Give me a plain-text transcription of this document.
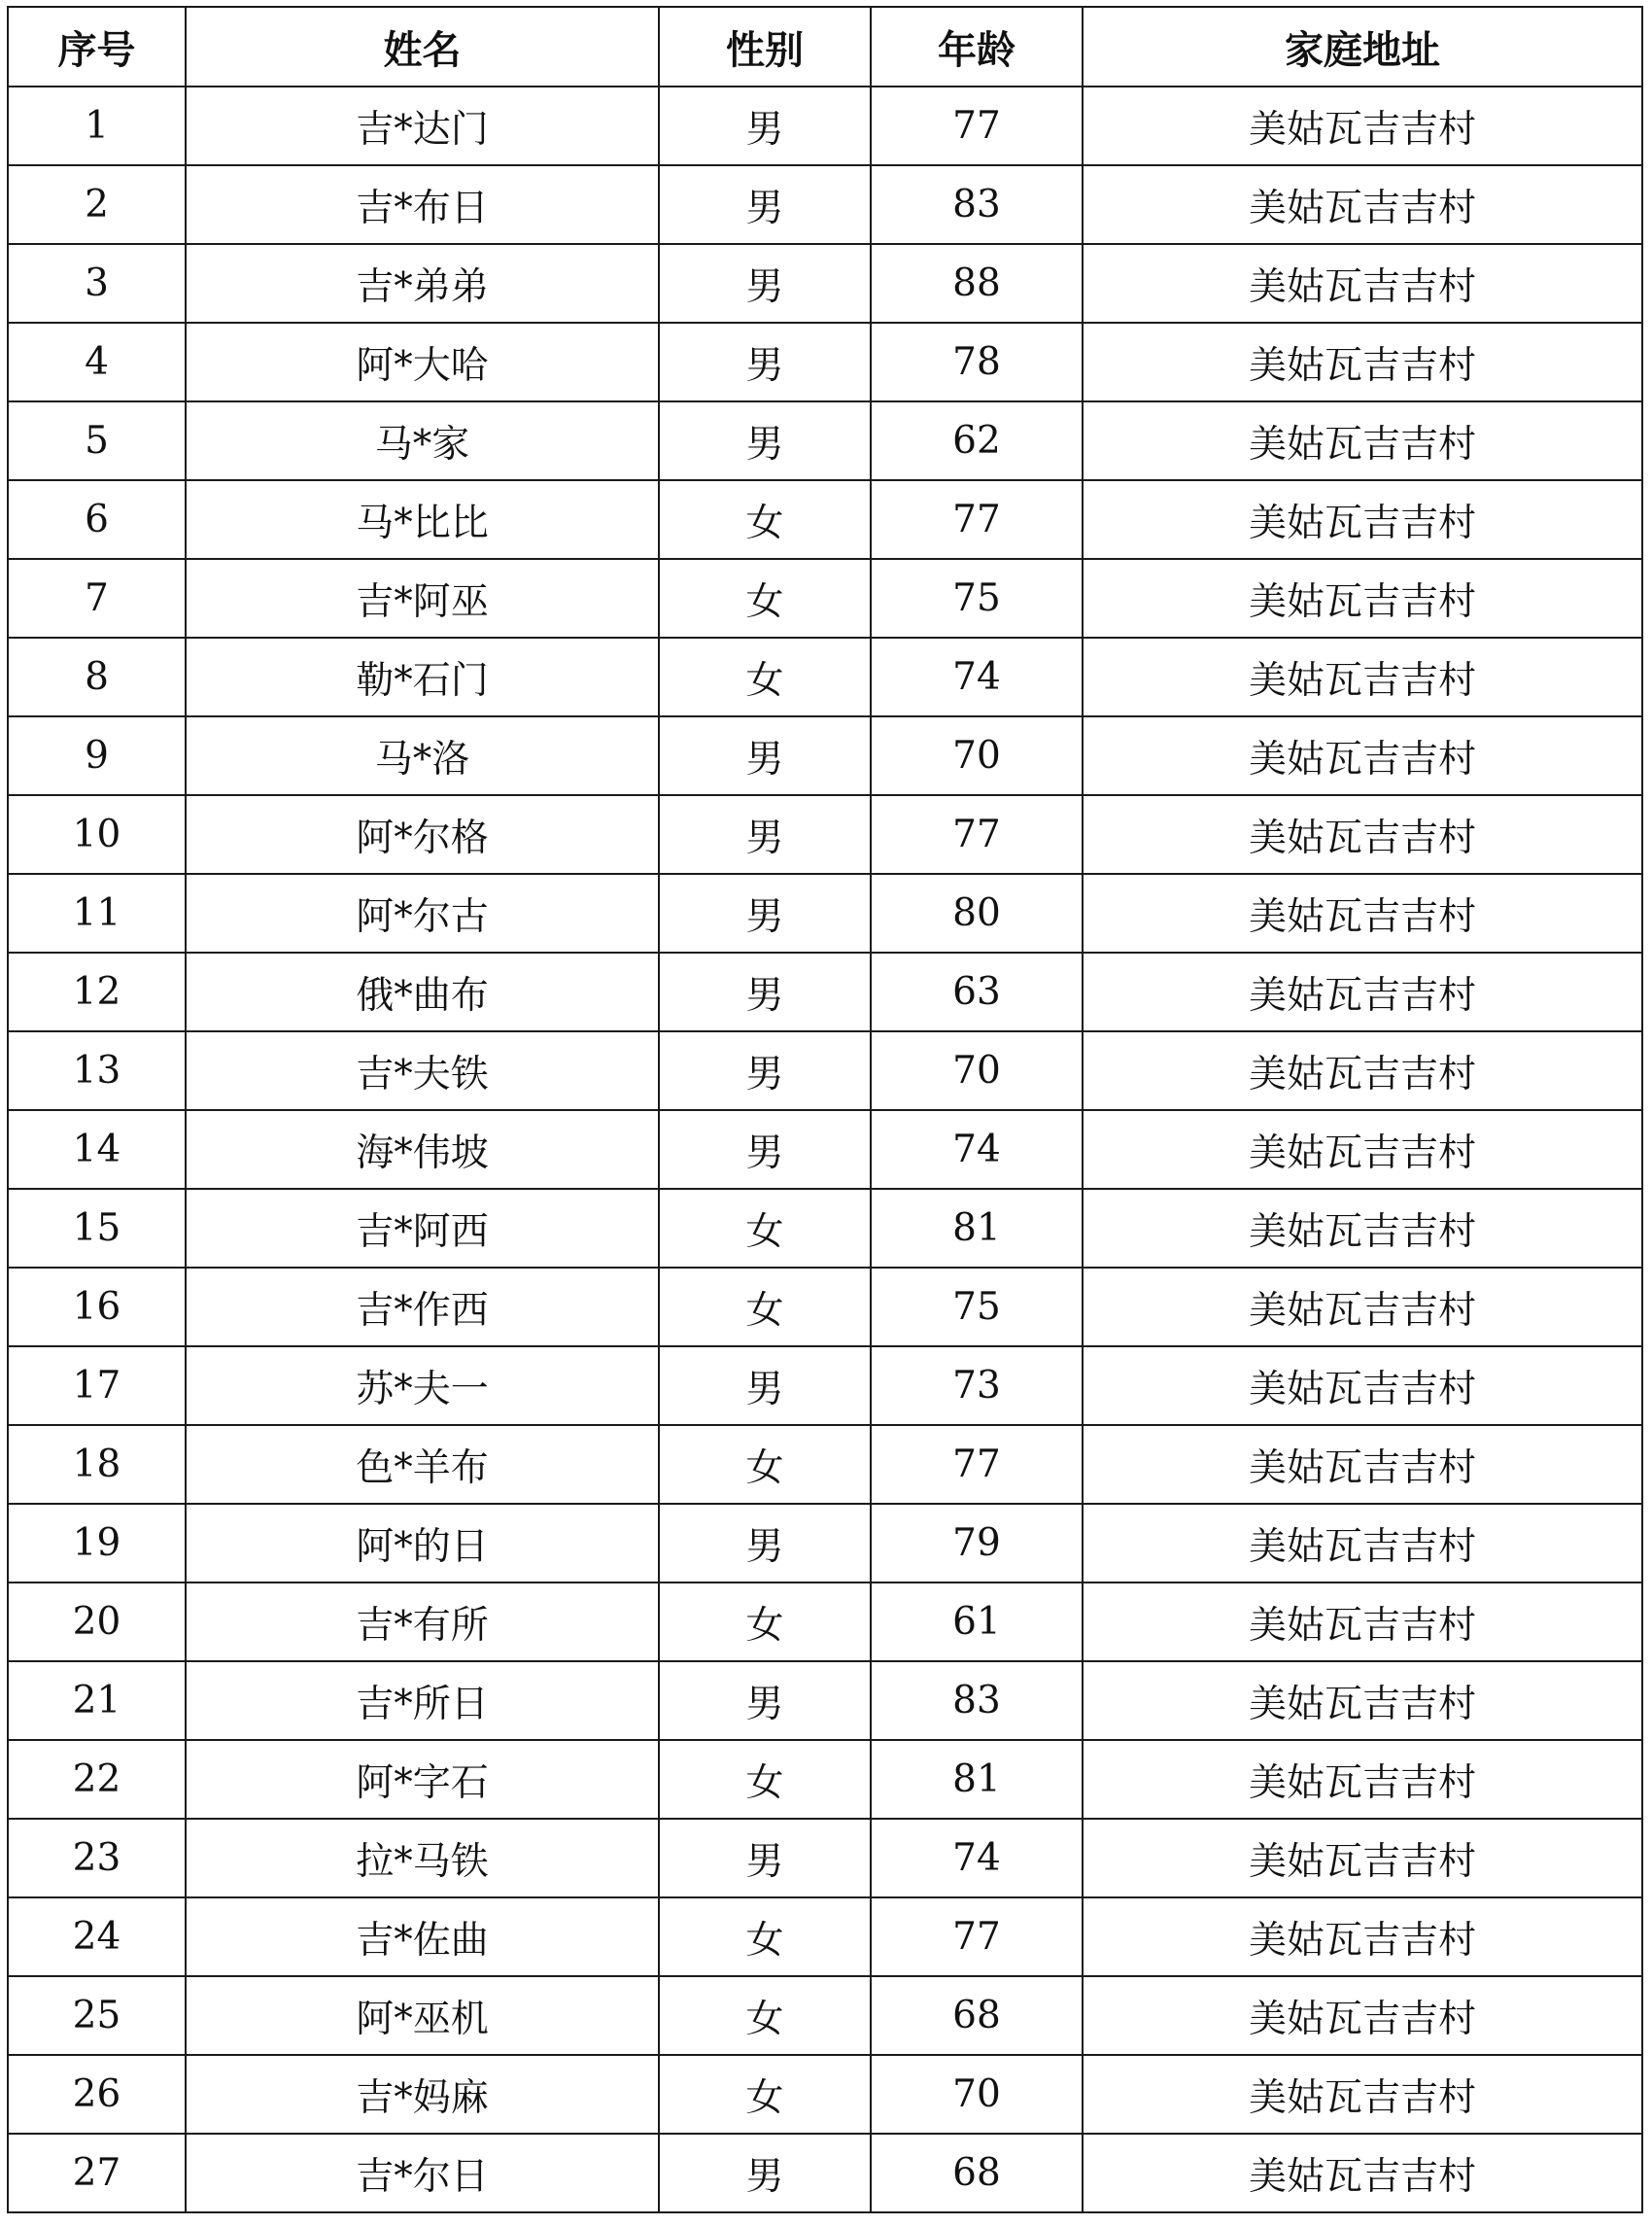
序号	姓名	性别	年龄	家庭地址
1	吉*达门	男	77	美姑瓦吉吉村
2	吉*布日	男	83	美姑瓦吉吉村
3	吉*弟弟	男	88	美姑瓦吉吉村
4	阿*大哈	男	78	美姑瓦吉吉村
5	马*家	男	62	美姑瓦吉吉村
6	马*比比	女	77	美姑瓦吉吉村
7	吉*阿巫	女	75	美姑瓦吉吉村
8	勒*石门	女	74	美姑瓦吉吉村
9	马*洛	男	70	美姑瓦吉吉村
10	阿*尔格	男	77	美姑瓦吉吉村
11	阿*尔古	男	80	美姑瓦吉吉村
12	俄*曲布	男	63	美姑瓦吉吉村
13	吉*夫铁	男	70	美姑瓦吉吉村
14	海*伟坡	男	74	美姑瓦吉吉村
15	吉*阿西	女	81	美姑瓦吉吉村
16	吉*作西	女	75	美姑瓦吉吉村
17	苏*夫一	男	73	美姑瓦吉吉村
18	色*羊布	女	77	美姑瓦吉吉村
19	阿*的日	男	79	美姑瓦吉吉村
20	吉*有所	女	61	美姑瓦吉吉村
21	吉*所日	男	83	美姑瓦吉吉村
22	阿*字石	女	81	美姑瓦吉吉村
23	拉*马铁	男	74	美姑瓦吉吉村
24	吉*佐曲	女	77	美姑瓦吉吉村
25	阿*巫机	女	68	美姑瓦吉吉村
26	吉*妈麻	女	70	美姑瓦吉吉村
27	吉*尔日	男	68	美姑瓦吉吉村
